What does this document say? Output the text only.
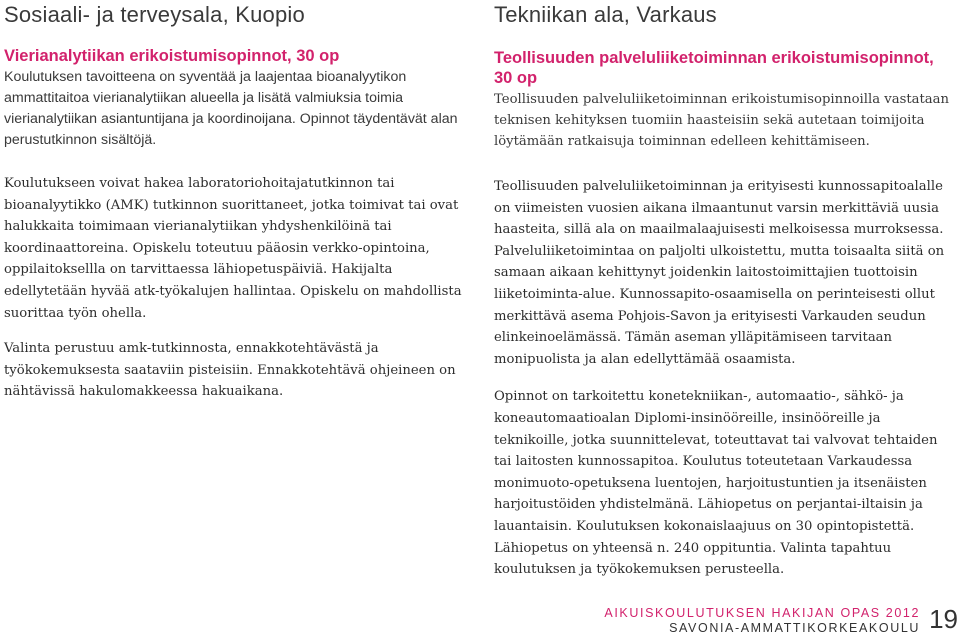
Sosiaali- ja terveysala, Kuopio
Vierianalytiikan erikoistumisopinnot, 30 op

Koulutuksen tavoitteena on syventää ja laajentaa bioanalyytikon ammattitaitoa vierianalytiikan alueella ja lisätä valmiuksia toimia vierianalytiikan asiantuntijana ja koordinoijana. Opinnot täydentävät alan perustutkinnon sisältöjä.

Koulutukseen voivat hakea laboratoriohoitajatutkinnon tai bioanalyytikko (AMK) tutkinnon suorittaneet, jotka toimivat tai ovat halukkaita toimimaan vierianalytiikan yhdyshenkilöinä tai koordinaattoreina. Opiskelu toteutuu pääosin verkko-opintoina, oppilaitoksellla on tarvittaessa lähiopetuspäiviä. Hakijalta edellytetään hyvää atk-työkalujen hallintaa. Opiskelu on mahdollista suorittaa työn ohella.

Valinta perustuu amk-tutkinnosta, ennakkotehtävästä ja työkokemuksesta saataviin pisteisiin. Ennakkotehtävä ohjeineen on nähtävissä hakulomakkeessa hakuaikana.

Tekniikan ala, Varkaus
Teollisuuden palveluliiketoiminnan erikoistumisopinnot, 30 op

Teollisuuden palveluliiketoiminnan erikoistumisopinnoilla vastataan teknisen kehityksen tuomiin haasteisiin sekä autetaan toimijoita löytämään ratkaisuja toiminnan edelleen kehittämiseen.

Teollisuuden palveluliiketoiminnan ja erityisesti kunnossapitoalalle on viimeisten vuosien aikana ilmaantunut varsin merkittäviä uusia haasteita, sillä ala on maailmalaajuisesti melkoisessa murroksessa. Palveluliiketoimintaa on paljolti ulkoistettu, mutta toisaalta siitä on samaan aikaan kehittynyt joidenkin laitostoimittajien tuottoisin liiketoiminta-alue. Kunnossapito-osaamisella on perinteisesti ollut merkittävä asema Pohjois-Savon ja erityisesti Varkauden seudun elinkeinoelämässä. Tämän aseman ylläpitämiseen tarvitaan monipuolista ja alan edellyttämää osaamista.

Opinnot on tarkoitettu konetekniikan-, automaatio-, sähkö- ja koneautomaatioalan Diplomi-insinööreille, insinööreille ja teknikoille, jotka suunnittelevat, toteuttavat tai valvovat tehtaiden tai laitosten kunnossapitoa. Koulutus toteutetaan Varkaudessa monimuoto-opetuksena luentojen, harjoitustuntien ja itsenäisten harjoitustöiden yhdistelmänä. Lähiopetus on perjantai-iltaisin ja lauantaisin. Koulutuksen kokonaislaajuus on 30 opintopistettä. Lähiopetus on yhteensä n. 240 oppituntia. Valinta tapahtuu koulutuksen ja työkokemuksen perusteella.

AIKUISKOULUTUKSEN HAKIJAN OPAS 2012
SAVONIA-AMMATTIKORKEAKOULU 19
